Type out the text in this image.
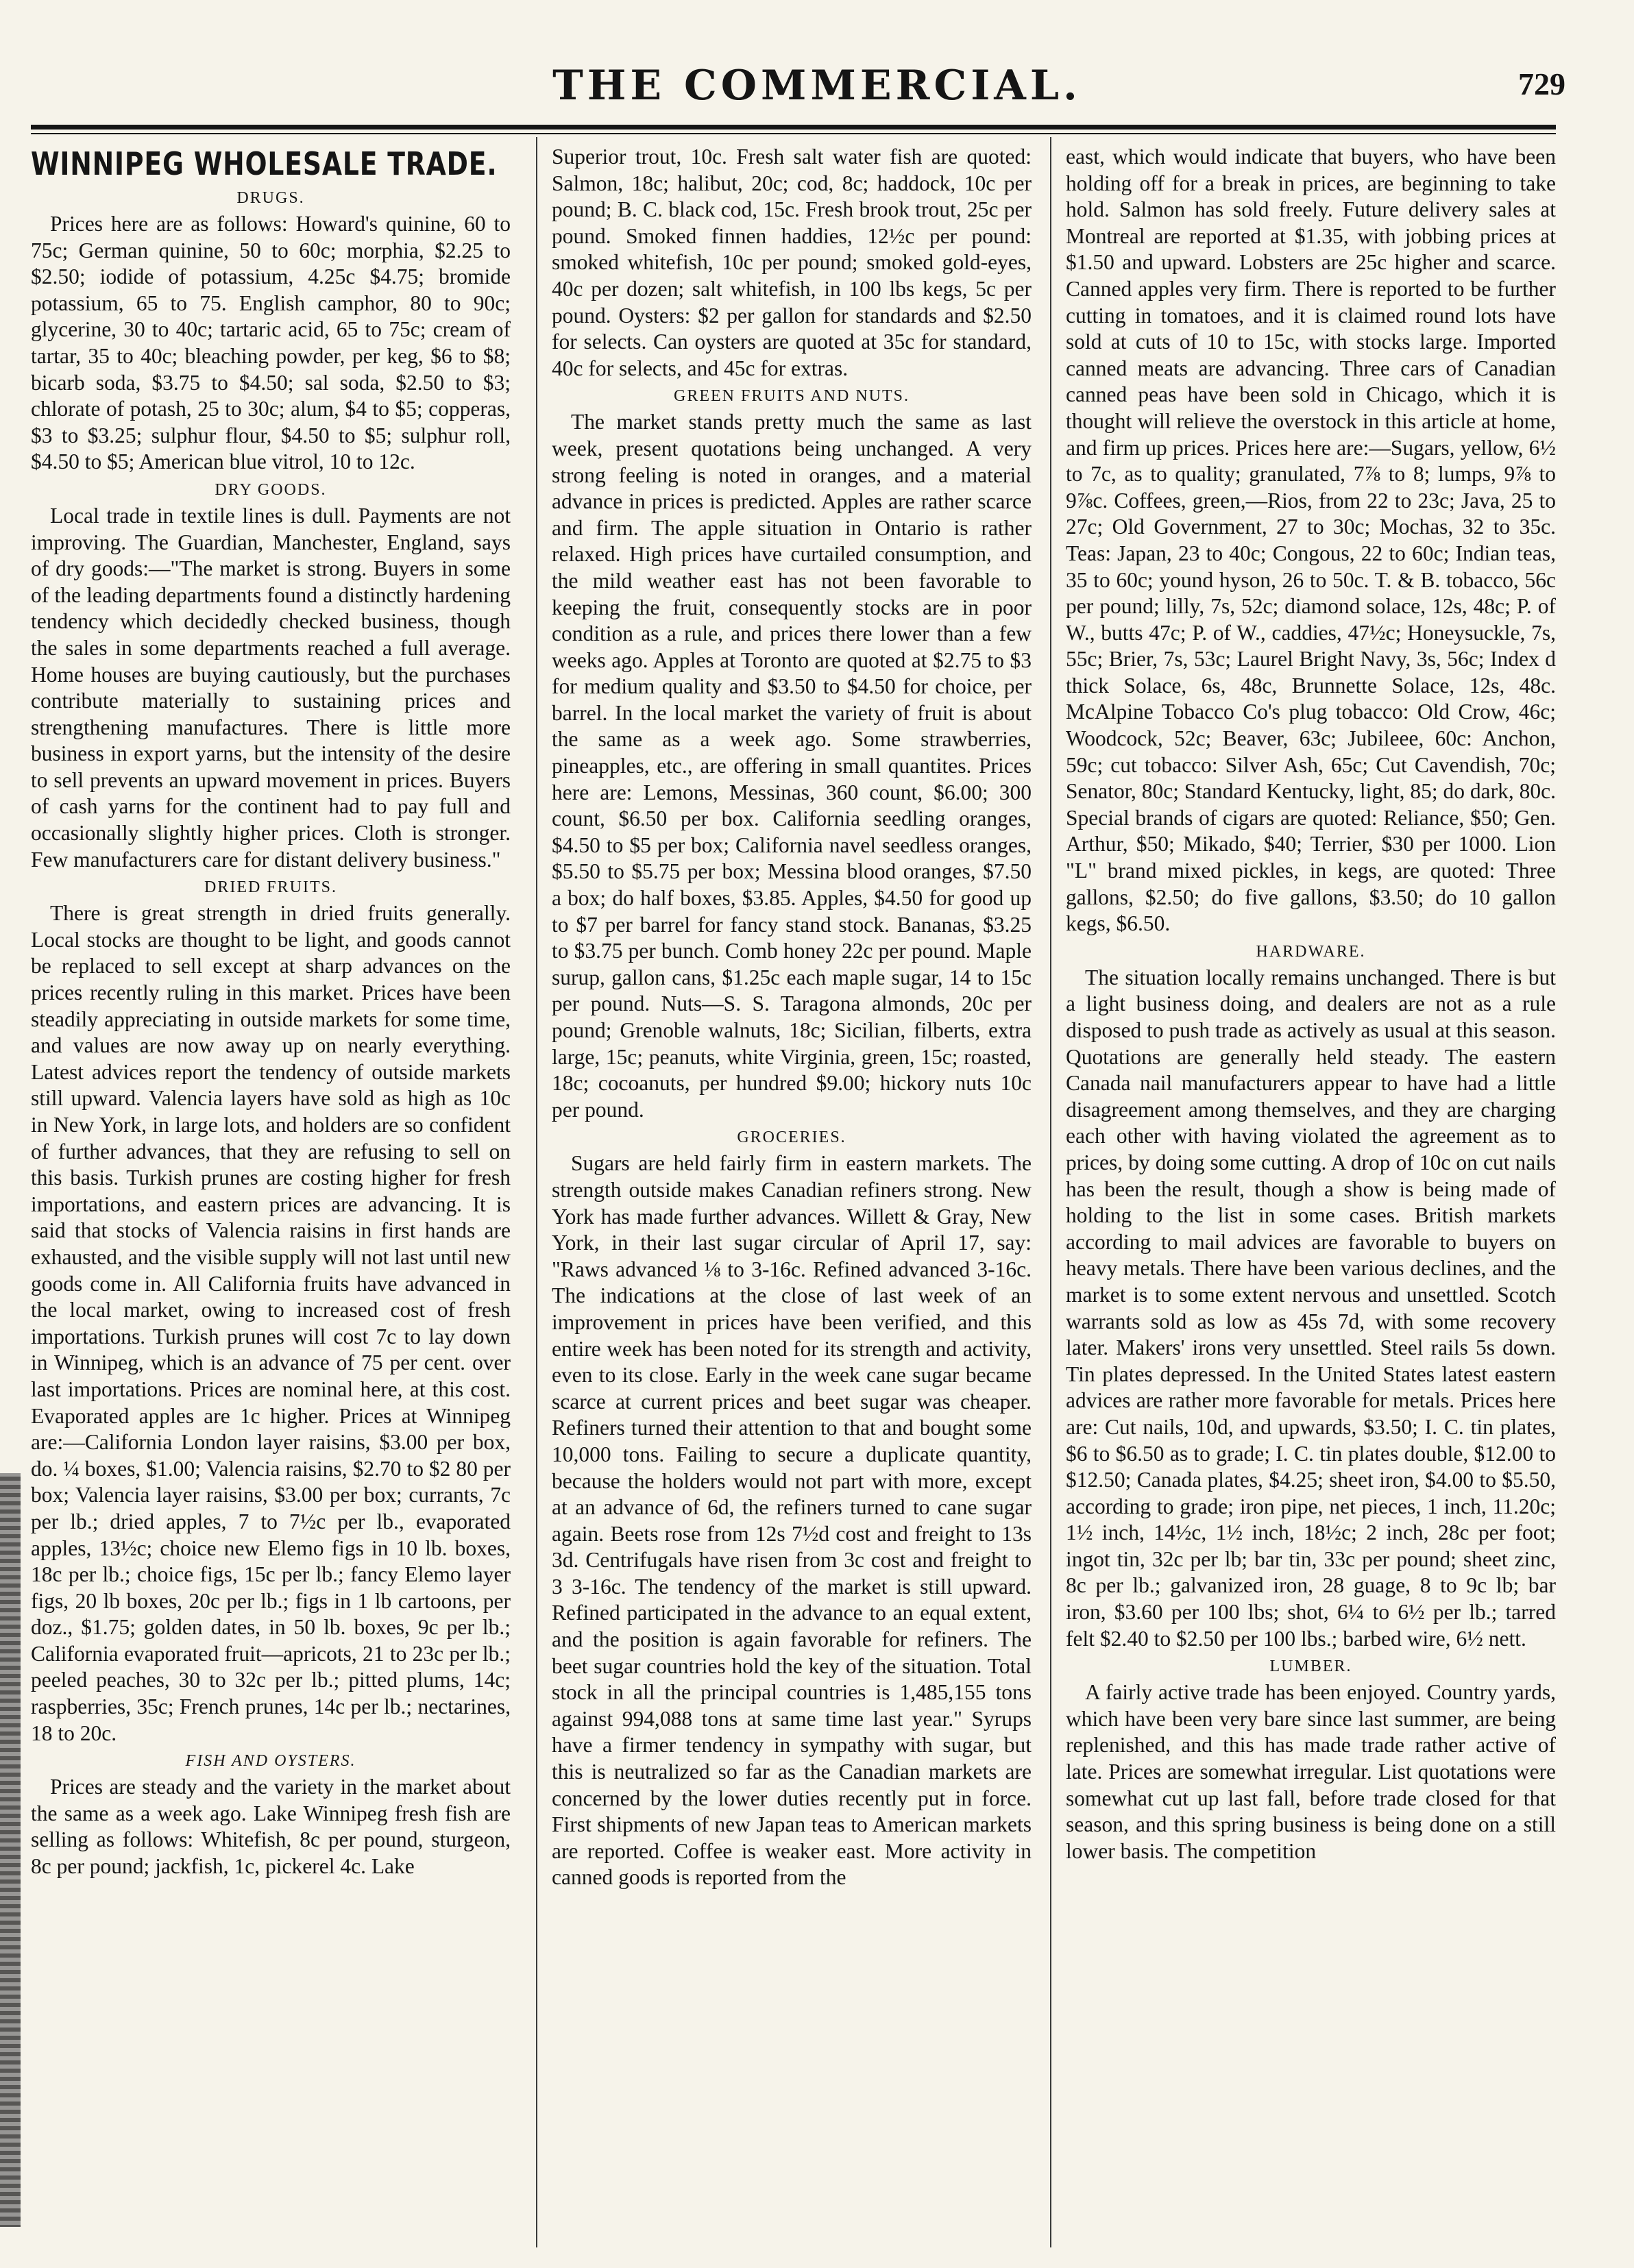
THE COMMERCIAL.	729
WINNIPEG WHOLESALE TRADE.
DRUGS.

Prices here are as follows: Howard's quinine, 60 to 75c; German quinine, 50 to 60c; morphia, $2.25 to $2.50; iodide of potassium, 4.25c $4.75; bromide potassium, 65 to 75. English camphor, 80 to 90c; glycerine, 30 to 40c; tartaric acid, 65 to 75c; cream of tartar, 35 to 40c; bleaching powder, per keg, $6 to $8; bicarb soda, $3.75 to $4.50; sal soda, $2.50 to $3; chlorate of potash, 25 to 30c; alum, $4 to $5; copperas, $3 to $3.25; sulphur flour, $4.50 to $5; sulphur roll, $4.50 to $5; American blue vitrol, 10 to 12c.

DRY GOODS.

Local trade in textile lines is dull. Payments are not improving. The Guardian, Manchester, England, says of dry goods:—"The market is strong. Buyers in some of the leading departments found a distinctly hardening tendency which decidedly checked business, though the sales in some departments reached a full average. Home houses are buying cautiously, but the purchases contribute materially to sustaining prices and strengthening manufactures. There is little more business in export yarns, but the intensity of the desire to sell prevents an upward movement in prices. Buyers of cash yarns for the continent had to pay full and occasionally slightly higher prices. Cloth is stronger. Few manufacturers care for distant delivery business."

DRIED FRUITS.

There is great strength in dried fruits generally. Local stocks are thought to be light, and goods cannot be replaced to sell except at sharp advances on the prices recently ruling in this market. Prices have been steadily appreciating in outside markets for some time, and values are now away up on nearly everything. Latest advices report the tendency of outside markets still upward. Valencia layers have sold as high as 10c in New York, in large lots, and holders are so confident of further advances, that they are refusing to sell on this basis. Turkish prunes are costing higher for fresh importations, and eastern prices are advancing. It is said that stocks of Valencia raisins in first hands are exhausted, and the visible supply will not last until new goods come in. All California fruits have advanced in the local market, owing to increased cost of fresh importations. Turkish prunes will cost 7c to lay down in Winnipeg, which is an advance of 75 per cent. over last importations. Prices are nominal here, at this cost. Evaporated apples are 1c higher. Prices at Winnipeg are:—California London layer raisins, $3.00 per box, do. ¼ boxes, $1.00; Valencia raisins, $2.70 to $2 80 per box; Valencia layer raisins, $3.00 per box; currants, 7c per lb.; dried apples, 7 to 7½c per lb., evaporated apples, 13½c; choice new Elemo figs in 10 lb. boxes, 18c per lb.; choice figs, 15c per lb.; fancy Elemo layer figs, 20 lb boxes, 20c per lb.; figs in 1 lb cartoons, per doz., $1.75; golden dates, in 50 lb. boxes, 9c per lb.; California evaporated fruit—apricots, 21 to 23c per lb.; peeled peaches, 30 to 32c per lb.; pitted plums, 14c; raspberries, 35c; French prunes, 14c per lb.; nectarines, 18 to 20c.

FISH AND OYSTERS.

Prices are steady and the variety in the market about the same as a week ago. Lake Winnipeg fresh fish are selling as follows: Whitefish, 8c per pound, sturgeon, 8c per pound; jackfish, 1c, pickerel 4c. Lake

Superior trout, 10c. Fresh salt water fish are quoted: Salmon, 18c; halibut, 20c; cod, 8c; haddock, 10c per pound; B. C. black cod, 15c. Fresh brook trout, 25c per pound. Smoked finnen haddies, 12½c per pound: smoked whitefish, 10c per pound; smoked gold-eyes, 40c per dozen; salt whitefish, in 100 lbs kegs, 5c per pound. Oysters: $2 per gallon for standards and $2.50 for selects. Can oysters are quoted at 35c for standard, 40c for selects, and 45c for extras.

GREEN FRUITS AND NUTS.

The market stands pretty much the same as last week, present quotations being unchanged. A very strong feeling is noted in oranges, and a material advance in prices is predicted. Apples are rather scarce and firm. The apple situation in Ontario is rather relaxed. High prices have curtailed consumption, and the mild weather east has not been favorable to keeping the fruit, consequently stocks are in poor condition as a rule, and prices there lower than a few weeks ago. Apples at Toronto are quoted at $2.75 to $3 for medium quality and $3.50 to $4.50 for choice, per barrel. In the local market the variety of fruit is about the same as a week ago. Some strawberries, pineapples, etc., are offering in small quantites. Prices here are: Lemons, Messinas, 360 count, $6.00; 300 count, $6.50 per box. California seedling oranges, $4.50 to $5 per box; California navel seedless oranges, $5.50 to $5.75 per box; Messina blood oranges, $7.50 a box; do half boxes, $3.85. Apples, $4.50 for good up to $7 per barrel for fancy stand stock. Bananas, $3.25 to $3.75 per bunch. Comb honey 22c per pound. Maple surup, gallon cans, $1.25c each maple sugar, 14 to 15c per pound. Nuts—S. S. Taragona almonds, 20c per pound; Grenoble walnuts, 18c; Sicilian, filberts, extra large, 15c; peanuts, white Virginia, green, 15c; roasted, 18c; cocoanuts, per hundred $9.00; hickory nuts 10c per pound.

GROCERIES.

Sugars are held fairly firm in eastern markets. The strength outside makes Canadian refiners strong. New York has made further advances. Willett & Gray, New York, in their last sugar circular of April 17, say: "Raws advanced ⅛ to 3-16c. Refined advanced 3-16c. The indications at the close of last week of an improvement in prices have been verified, and this entire week has been noted for its strength and activity, even to its close. Early in the week cane sugar became scarce at current prices and beet sugar was cheaper. Refiners turned their attention to that and bought some 10,000 tons. Failing to secure a duplicate quantity, because the holders would not part with more, except at an advance of 6d, the refiners turned to cane sugar again. Beets rose from 12s 7½d cost and freight to 13s 3d. Centrifugals have risen from 3c cost and freight to 3 3-16c. The tendency of the market is still upward. Refined participated in the advance to an equal extent, and the position is again favorable for refiners. The beet sugar countries hold the key of the situation. Total stock in all the principal countries is 1,485,155 tons against 994,088 tons at same time last year." Syrups have a firmer tendency in sympathy with sugar, but this is neutralized so far as the Canadian markets are concerned by the lower duties recently put in force. First shipments of new Japan teas to American markets are reported. Coffee is weaker east. More activity in canned goods is reported from the

east, which would indicate that buyers, who have been holding off for a break in prices, are beginning to take hold. Salmon has sold freely. Future delivery sales at Montreal are reported at $1.35, with jobbing prices at $1.50 and upward. Lobsters are 25c higher and scarce. Canned apples very firm. There is reported to be further cutting in tomatoes, and it is claimed round lots have sold at cuts of 10 to 15c, with stocks large. Imported canned meats are advancing. Three cars of Canadian canned peas have been sold in Chicago, which it is thought will relieve the overstock in this article at home, and firm up prices. Prices here are:—Sugars, yellow, 6½ to 7c, as to quality; granulated, 7⅞ to 8; lumps, 9⅞ to 9⅞c. Coffees, green,—Rios, from 22 to 23c; Java, 25 to 27c; Old Government, 27 to 30c; Mochas, 32 to 35c. Teas: Japan, 23 to 40c; Congous, 22 to 60c; Indian teas, 35 to 60c; yound hyson, 26 to 50c. T. & B. tobacco, 56c per pound; lilly, 7s, 52c; diamond solace, 12s, 48c; P. of W., butts 47c; P. of W., caddies, 47½c; Honeysuckle, 7s, 55c; Brier, 7s, 53c; Laurel Bright Navy, 3s, 56c; Index d thick Solace, 6s, 48c, Brunnette Solace, 12s, 48c. McAlpine Tobacco Co's plug tobacco: Old Crow, 46c; Woodcock, 52c; Beaver, 63c; Jubileee, 60c: Anchon, 59c; cut tobacco: Silver Ash, 65c; Cut Cavendish, 70c; Senator, 80c; Standard Kentucky, light, 85; do dark, 80c. Special brands of cigars are quoted: Reliance, $50; Gen. Arthur, $50; Mikado, $40; Terrier, $30 per 1000. Lion "L" brand mixed pickles, in kegs, are quoted: Three gallons, $2.50; do five gallons, $3.50; do 10 gallon kegs, $6.50.

HARDWARE.

The situation locally remains unchanged. There is but a light business doing, and dealers are not as a rule disposed to push trade as actively as usual at this season. Quotations are generally held steady. The eastern Canada nail manufacturers appear to have had a little disagreement among themselves, and they are charging each other with having violated the agreement as to prices, by doing some cutting. A drop of 10c on cut nails has been the result, though a show is being made of holding to the list in some cases. British markets according to mail advices are favorable to buyers on heavy metals. There have been various declines, and the market is to some extent nervous and unsettled. Scotch warrants sold as low as 45s 7d, with some recovery later. Makers' irons very unsettled. Steel rails 5s down. Tin plates depressed. In the United States latest eastern advices are rather more favorable for metals. Prices here are: Cut nails, 10d, and upwards, $3.50; I. C. tin plates, $6 to $6.50 as to grade; I. C. tin plates double, $12.00 to $12.50; Canada plates, $4.25; sheet iron, $4.00 to $5.50, according to grade; iron pipe, net pieces, 1 inch, 11.20c; 1½ inch, 14½c, 1½ inch, 18½c; 2 inch, 28c per foot; ingot tin, 32c per lb; bar tin, 33c per pound; sheet zinc, 8c per lb.; galvanized iron, 28 guage, 8 to 9c lb; bar iron, $3.60 per 100 lbs; shot, 6¼ to 6½ per lb.; tarred felt $2.40 to $2.50 per 100 lbs.; barbed wire, 6½ nett.

LUMBER.

A fairly active trade has been enjoyed. Country yards, which have been very bare since last summer, are being replenished, and this has made trade rather active of late. Prices are somewhat irregular. List quotations were somewhat cut up last fall, before trade closed for that season, and this spring business is being done on a still lower basis. The competition
